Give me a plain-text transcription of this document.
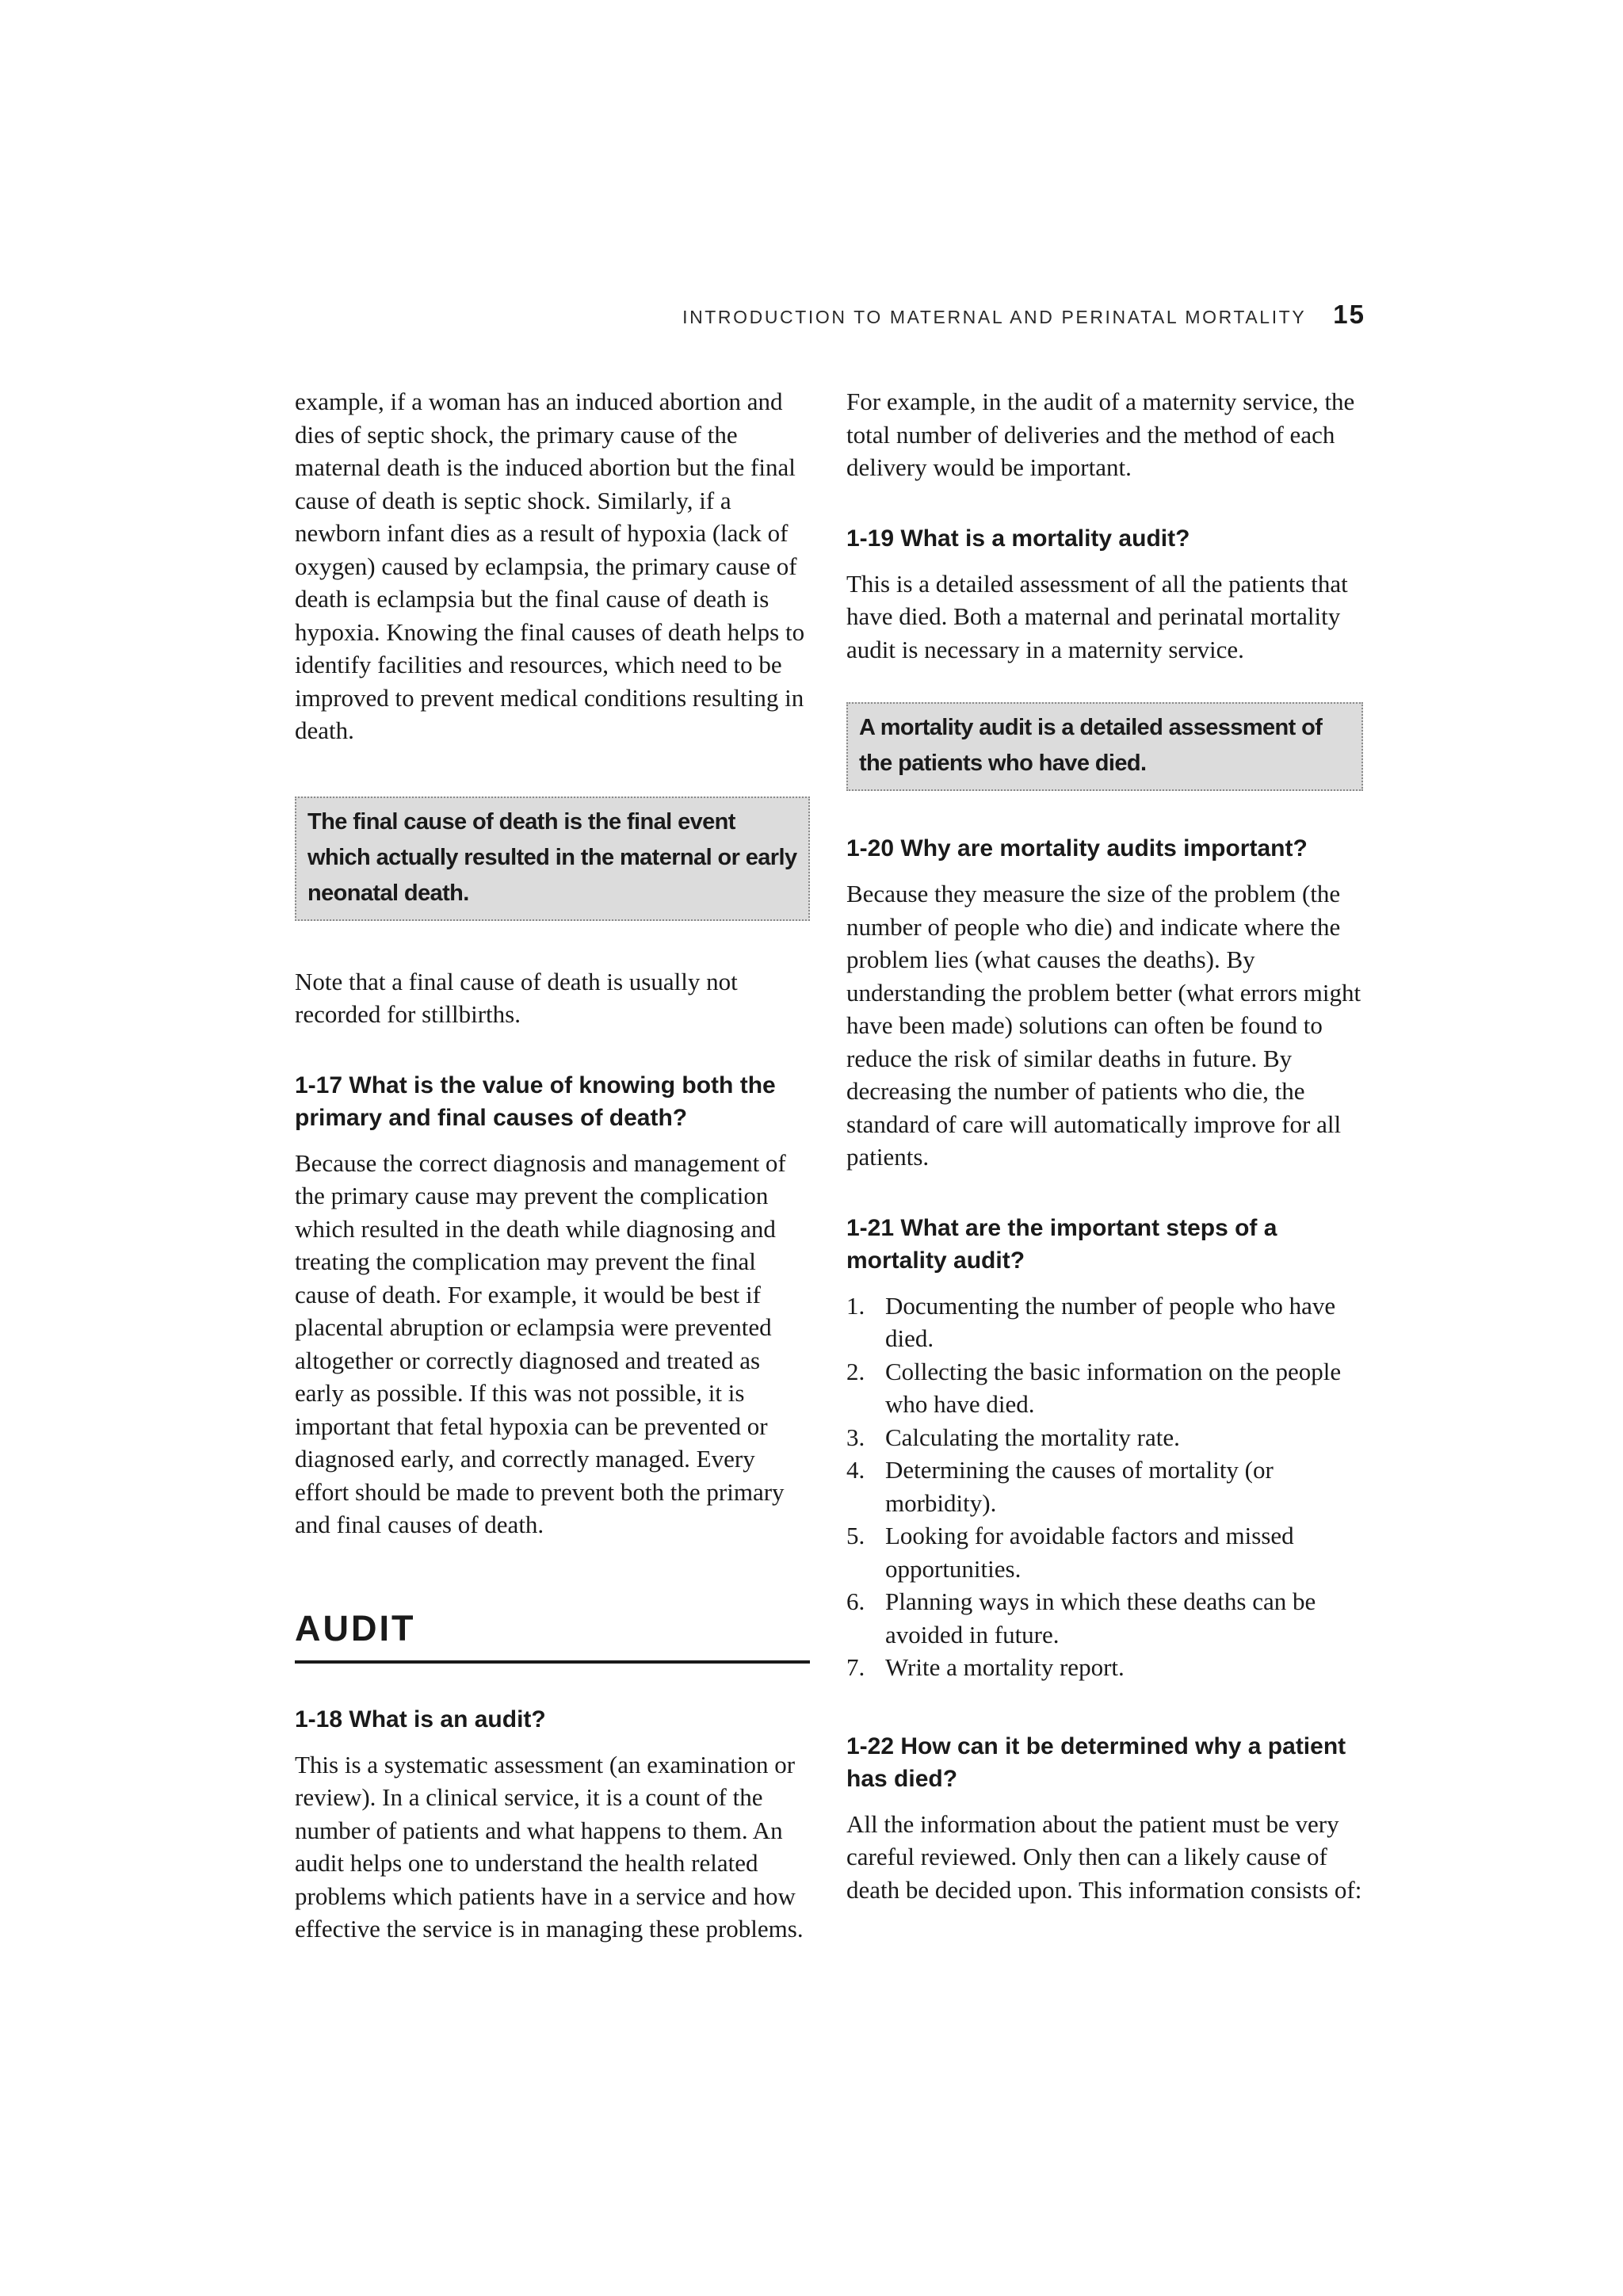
INTRODUCTION TO MATERNAL AND PERINATAL MORTALITY 15

example, if a woman has an induced abortion and dies of septic shock, the primary cause of the maternal death is the induced abortion but the final cause of death is septic shock. Similarly, if a newborn infant dies as a result of hypoxia (lack of oxygen) caused by eclampsia, the primary cause of death is eclampsia but the final cause of death is hypoxia. Knowing the final causes of death helps to identify facilities and resources, which need to be improved to prevent medical conditions resulting in death.

The final cause of death is the final event which actually resulted in the maternal or early neonatal death.

Note that a final cause of death is usually not recorded for stillbirths.

1-17 What is the value of knowing both the primary and final causes of death?

Because the correct diagnosis and management of the primary cause may prevent the complication which resulted in the death while diagnosing and treating the complication may prevent the final cause of death. For example, it would be best if placental abruption or eclampsia were prevented altogether or correctly diagnosed and treated as early as possible. If this was not possible, it is important that fetal hypoxia can be prevented or diagnosed early, and correctly managed. Every effort should be made to prevent both the primary and final causes of death.

AUDIT
1-18 What is an audit?

This is a systematic assessment (an examination or review). In a clinical service, it is a count of the number of patients and what happens to them. An audit helps one to understand the health related problems which patients have in a service and how effective the service is in managing these problems.

For example, in the audit of a maternity service, the total number of deliveries and the method of each delivery would be important.

1-19 What is a mortality audit?

This is a detailed assessment of all the patients that have died. Both a maternal and perinatal mortality audit is necessary in a maternity service.

A mortality audit is a detailed assessment of the patients who have died.
1-20 Why are mortality audits important?

Because they measure the size of the problem (the number of people who die) and indicate where the problem lies (what causes the deaths). By understanding the problem better (what errors might have been made) solutions can often be found to reduce the risk of similar deaths in future. By decreasing the number of patients who die, the standard of care will automatically improve for all patients.

1-21 What are the important steps of a mortality audit?
1. Documenting the number of people who have died.
2. Collecting the basic information on the people who have died.
3. Calculating the mortality rate.
4. Determining the causes of mortality (or morbidity).
5. Looking for avoidable factors and missed opportunities.
6. Planning ways in which these deaths can be avoided in future.
7. Write a mortality report.
1-22 How can it be determined why a patient has died?

All the information about the patient must be very careful reviewed. Only then can a likely cause of death be decided upon. This information consists of:
